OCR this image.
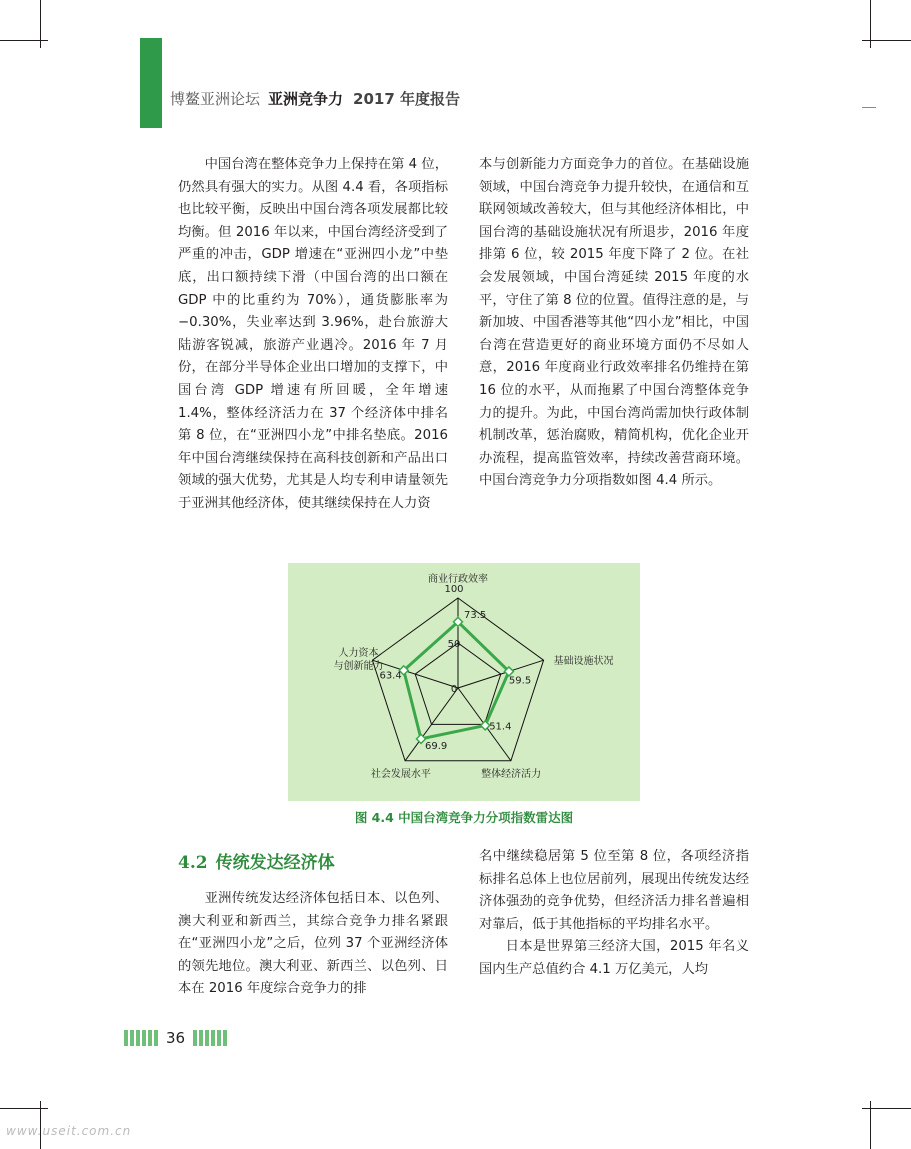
博鳌亚洲论坛 亚洲竞争力 2017 年度报告

中国台湾在整体竞争力上保持在第 4 位，仍然具有强大的实力。从图 4.4 看，各项指标也比较平衡，反映出中国台湾各项发展都比较均衡。但 2016 年以来，中国台湾经济受到了严重的冲击，GDP 增速在“亚洲四小龙”中垫底，出口额持续下滑（中国台湾的出口额在 GDP 中的比重约为 70%），通货膨胀率为 −0.30%，失业率达到 3.96%，赴台旅游大陆游客锐减，旅游产业遇冷。2016 年 7 月份，在部分半导体企业出口增加的支撑下，中国台湾 GDP 增速有所回暖，全年增速 1.4%，整体经济活力在 37 个经济体中排名第 8 位，在“亚洲四小龙”中排名垫底。2016 年中国台湾继续保持在高科技创新和产品出口领域的强大优势，尤其是人均专利申请量领先于亚洲其他经济体，使其继续保持在人力资

本与创新能力方面竞争力的首位。在基础设施领域，中国台湾竞争力提升较快，在通信和互联网领域改善较大，但与其他经济体相比，中国台湾的基础设施状况有所退步，2016 年度排第 6 位，较 2015 年度下降了 2 位。在社会发展领域，中国台湾延续 2015 年度的水平，守住了第 8 位的位置。值得注意的是，与新加坡、中国香港等其他“四小龙”相比，中国台湾在营造更好的商业环境方面仍不尽如人意，2016 年度商业行政效率排名仍维持在第 16 位的水平，从而拖累了中国台湾整体竞争力的提升。为此，中国台湾尚需加快行政体制机制改革，惩治腐败，精简机构，优化企业开办流程，提高监管效率，持续改善营商环境。中国台湾竞争力分项指数如图 4.4 所示。

0
50
100
73.5
59.5
51.4
69.9
63.4
商业行政效率
基础设施状况
整体经济活力
社会发展水平
人力资本
与创新能力
图 4.4 中国台湾竞争力分项指数雷达图
4.2 传统发达经济体

亚洲传统发达经济体包括日本、以色列、澳大利亚和新西兰，其综合竞争力排名紧跟在“亚洲四小龙”之后，位列 37 个亚洲经济体的领先地位。澳大利亚、新西兰、以色列、日本在 2016 年度综合竞争力的排

名中继续稳居第 5 位至第 8 位，各项经济指标排名总体上也位居前列，展现出传统发达经济体强劲的竞争优势，但经济活力排名普遍相对靠后，低于其他指标的平均排名水平。

日本是世界第三经济大国，2015 年名义国内生产总值约合 4.1 万亿美元，人均

36
www.useit.com.cn
